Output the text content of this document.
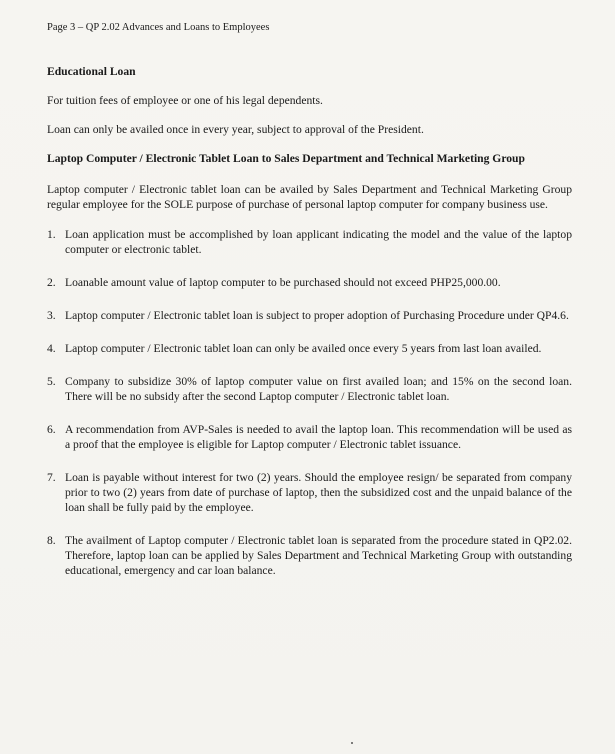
Page 3 – QP 2.02 Advances and Loans to Employees
Educational Loan
For tuition fees of employee or one of his legal dependents.
Loan can only be availed once in every year, subject to approval of the President.
Laptop Computer / Electronic Tablet Loan to Sales Department and Technical Marketing Group
Laptop computer / Electronic tablet loan can be availed by Sales Department and Technical Marketing Group regular employee for the SOLE purpose of purchase of personal laptop computer for company business use.
1. Loan application must be accomplished by loan applicant indicating the model and the value of the laptop computer or electronic tablet.
2. Loanable amount value of laptop computer to be purchased should not exceed PHP25,000.00.
3. Laptop computer / Electronic tablet loan is subject to proper adoption of Purchasing Procedure under QP4.6.
4. Laptop computer / Electronic tablet loan can only be availed once every 5 years from last loan availed.
5. Company to subsidize 30% of laptop computer value on first availed loan; and 15% on the second loan. There will be no subsidy after the second Laptop computer / Electronic tablet loan.
6. A recommendation from AVP-Sales is needed to avail the laptop loan. This recommendation will be used as a proof that the employee is eligible for Laptop computer / Electronic tablet issuance.
7. Loan is payable without interest for two (2) years. Should the employee resign/ be separated from company prior to two (2) years from date of purchase of laptop, then the subsidized cost and the unpaid balance of the loan shall be fully paid by the employee.
8. The availment of Laptop computer / Electronic tablet loan is separated from the procedure stated in QP2.02. Therefore, laptop loan can be applied by Sales Department and Technical Marketing Group with outstanding educational, emergency and car loan balance.
